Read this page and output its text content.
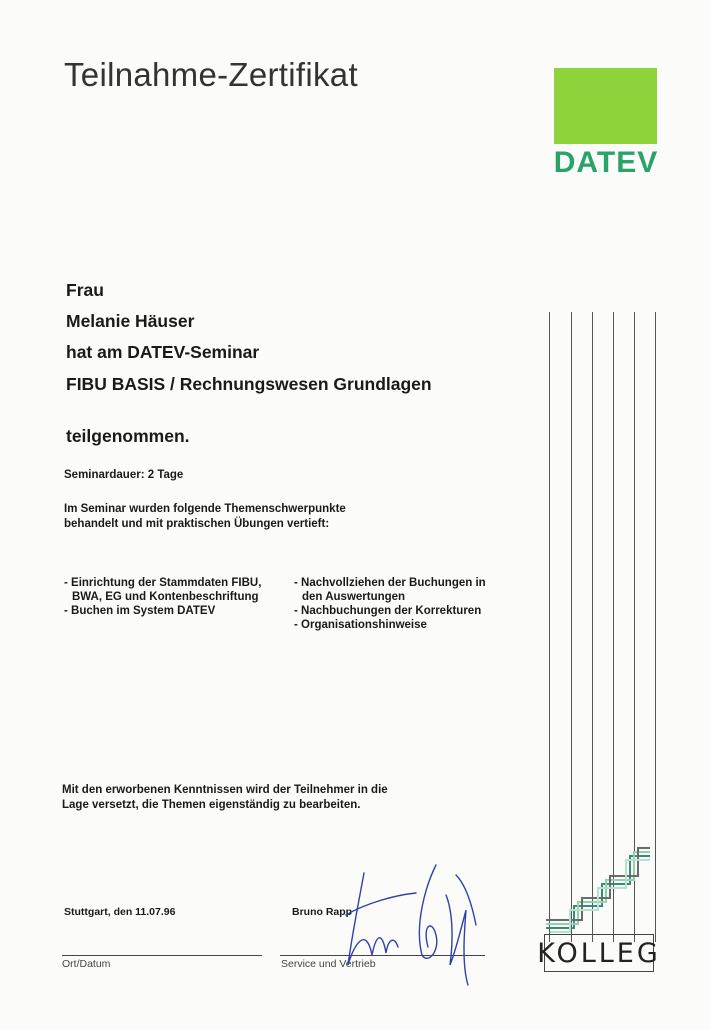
Teilnahme-Zertifikat
DATEV
Frau
Melanie Häuser
hat am DATEV-Seminar
FIBU BASIS / Rechnungswesen Grundlagen
teilgenommen.
Seminardauer: 2 Tage
Im Seminar wurden folgende Themenschwerpunkte
behandelt und mit praktischen Übungen vertieft:
- Einrichtung der Stammdaten FIBU,
BWA, EG und Kontenbeschriftung
- Buchen im System DATEV
- Nachvollziehen der Buchungen in
den Auswertungen
- Nachbuchungen der Korrekturen
- Organisationshinweise
Mit den erworbenen Kenntnissen wird der Teilnehmer in die
Lage versetzt, die Themen eigenständig zu bearbeiten.
KOLLEG
Stuttgart, den 11.07.96
Ort/Datum
Bruno Rapp
Service und Vertrieb
